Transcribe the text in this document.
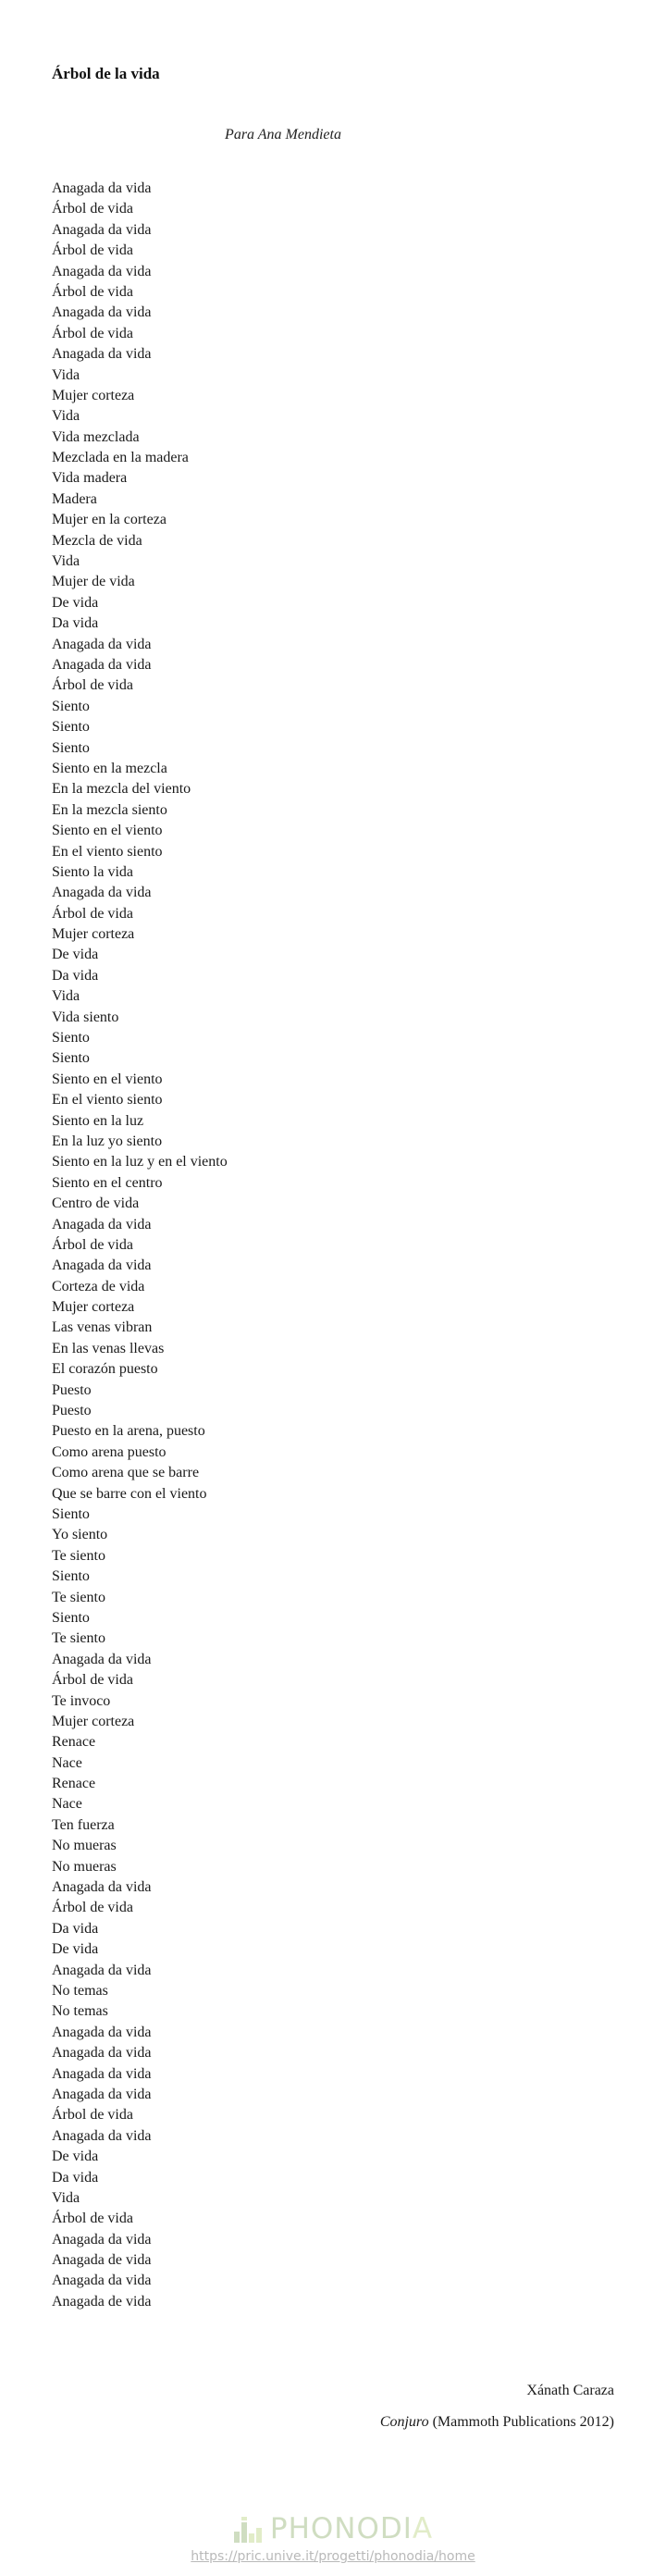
Árbol de la vida
Para Ana Mendieta
Anagada da vida
Árbol de vida
Anagada da vida
Árbol de vida
Anagada da vida
Árbol de vida
Anagada da vida
Árbol de vida
Anagada da vida
Vida
Mujer corteza
Vida
Vida mezclada
Mezclada en la madera
Vida madera
Madera
Mujer en la corteza
Mezcla de vida
Vida
Mujer de vida
De vida
Da vida
Anagada da vida
Anagada da vida
Árbol de vida
Siento
Siento
Siento
Siento en la mezcla
En la mezcla del viento
En la mezcla siento
Siento en el viento
En el viento siento
Siento la vida
Anagada da vida
Árbol de vida
Mujer corteza
De vida
Da vida
Vida
Vida siento
Siento
Siento
Siento en el viento
En el viento siento
Siento en la luz
En la luz yo siento
Siento en la luz y en el viento
Siento en el centro
Centro de vida
Anagada da vida
Árbol de vida
Anagada da vida
Corteza de vida
Mujer corteza
Las venas vibran
En las venas llevas
El corazón puesto
Puesto
Puesto
Puesto en la arena, puesto
Como arena puesto
Como arena que se barre
Que se barre con el viento
Siento
Yo siento
Te siento
Siento
Te siento
Siento
Te siento
Anagada da vida
Árbol de vida
Te invoco
Mujer corteza
Renace
Nace
Renace
Nace
Ten fuerza
No mueras
No mueras
Anagada da vida
Árbol de vida
Da vida
De vida
Anagada da vida
No temas
No temas
Anagada da vida
Anagada da vida
Anagada da vida
Anagada da vida
Árbol de vida
Anagada da vida
De vida
Da vida
Vida
Árbol de vida
Anagada da vida
Anagada de vida
Anagada da vida
Anagada de vida
Xánath Caraza
Conjuro (Mammoth Publications 2012)
PHONODIA
https://pric.unive.it/progetti/phonodia/home
